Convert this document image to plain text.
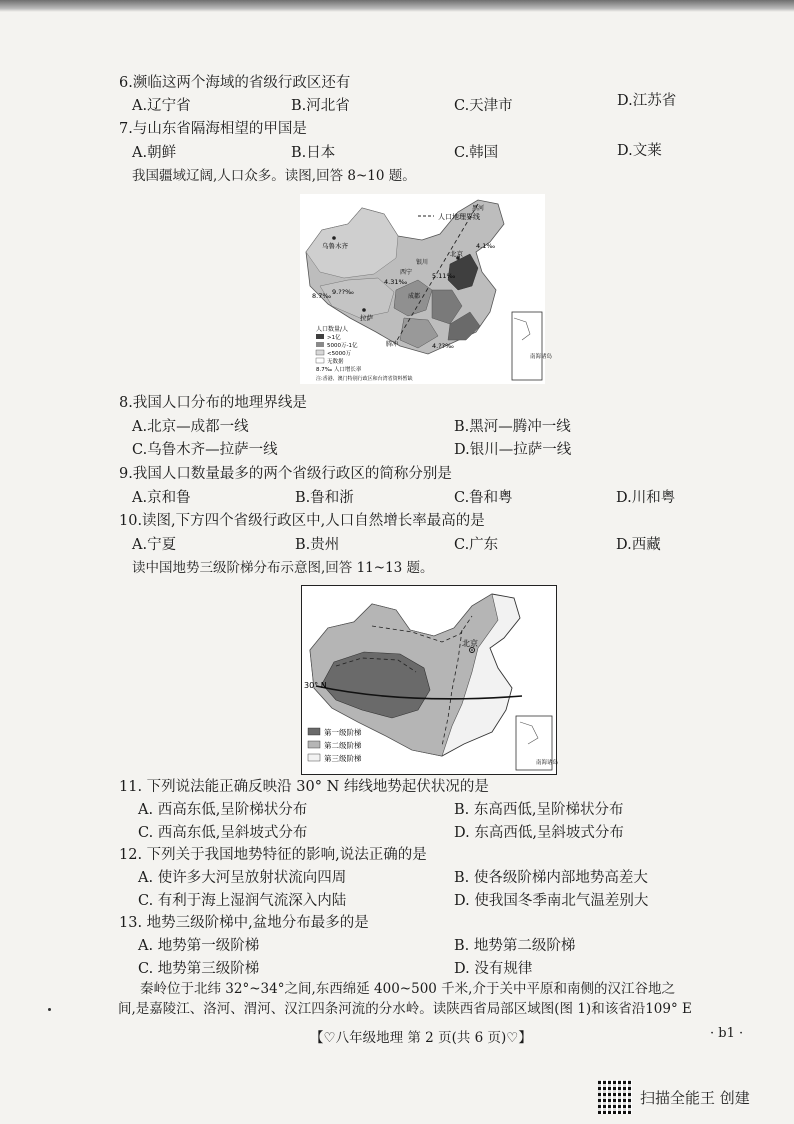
6.濒临这两个海域的省级行政区还有
A.辽宁省	B.河北省	C.天津市	D.江苏省
7.与山东省隔海相望的甲国是
A.朝鲜	B.日本	C.韩国	D.文莱
我国疆域辽阔,人口众多。读图,回答 8~10 题。
人口地理界线
乌鲁木齐
北京
拉萨
黑河
银川
西宁
成都
腾冲
8.7‰ 9.??‰
4.31‰
5.11‰
4.1‰
4.??‰
人口数量/人
>1亿
5000万-1亿
<5000万
无数据
8.7‰ 人口增长率
注:香港、澳门特别行政区和台湾省资料暂缺
南海诸岛
8.我国人口分布的地理界线是
A.北京—成都一线	B.黑河—腾冲一线
C.乌鲁木齐—拉萨一线	D.银川—拉萨一线
9.我国人口数量最多的两个省级行政区的简称分别是
A.京和鲁	B.鲁和浙	C.鲁和粤	D.川和粤
10.读图,下方四个省级行政区中,人口自然增长率最高的是
A.宁夏	B.贵州	C.广东	D.西藏
读中国地势三级阶梯分布示意图,回答 11~13 题。
30° N
北京
第一级阶梯
第二级阶梯
第三级阶梯	南海诸岛
11. 下列说法能正确反映沿 30° N 纬线地势起伏状况的是
A. 西高东低,呈阶梯状分布	B. 东高西低,呈阶梯状分布
C. 西高东低,呈斜坡式分布	D. 东高西低,呈斜坡式分布
12. 下列关于我国地势特征的影响,说法正确的是
A. 使许多大河呈放射状流向四周	B. 使各级阶梯内部地势高差大
C. 有利于海上湿润气流深入内陆	D. 使我国冬季南北气温差别大
13. 地势三级阶梯中,盆地分布最多的是
A. 地势第一级阶梯	B. 地势第二级阶梯
C. 地势第三级阶梯	D. 没有规律
秦岭位于北纬 32°~34°之间,东西绵延 400~500 千米,介于关中平原和南侧的汉江谷地之
间,是嘉陵江、洛河、渭河、汉江四条河流的分水岭。读陕西省局部区域图(图 1)和该省沿109° E
【♡八年级地理 第 2 页(共 6 页)♡】	· b1 ·
扫描全能王 创建
